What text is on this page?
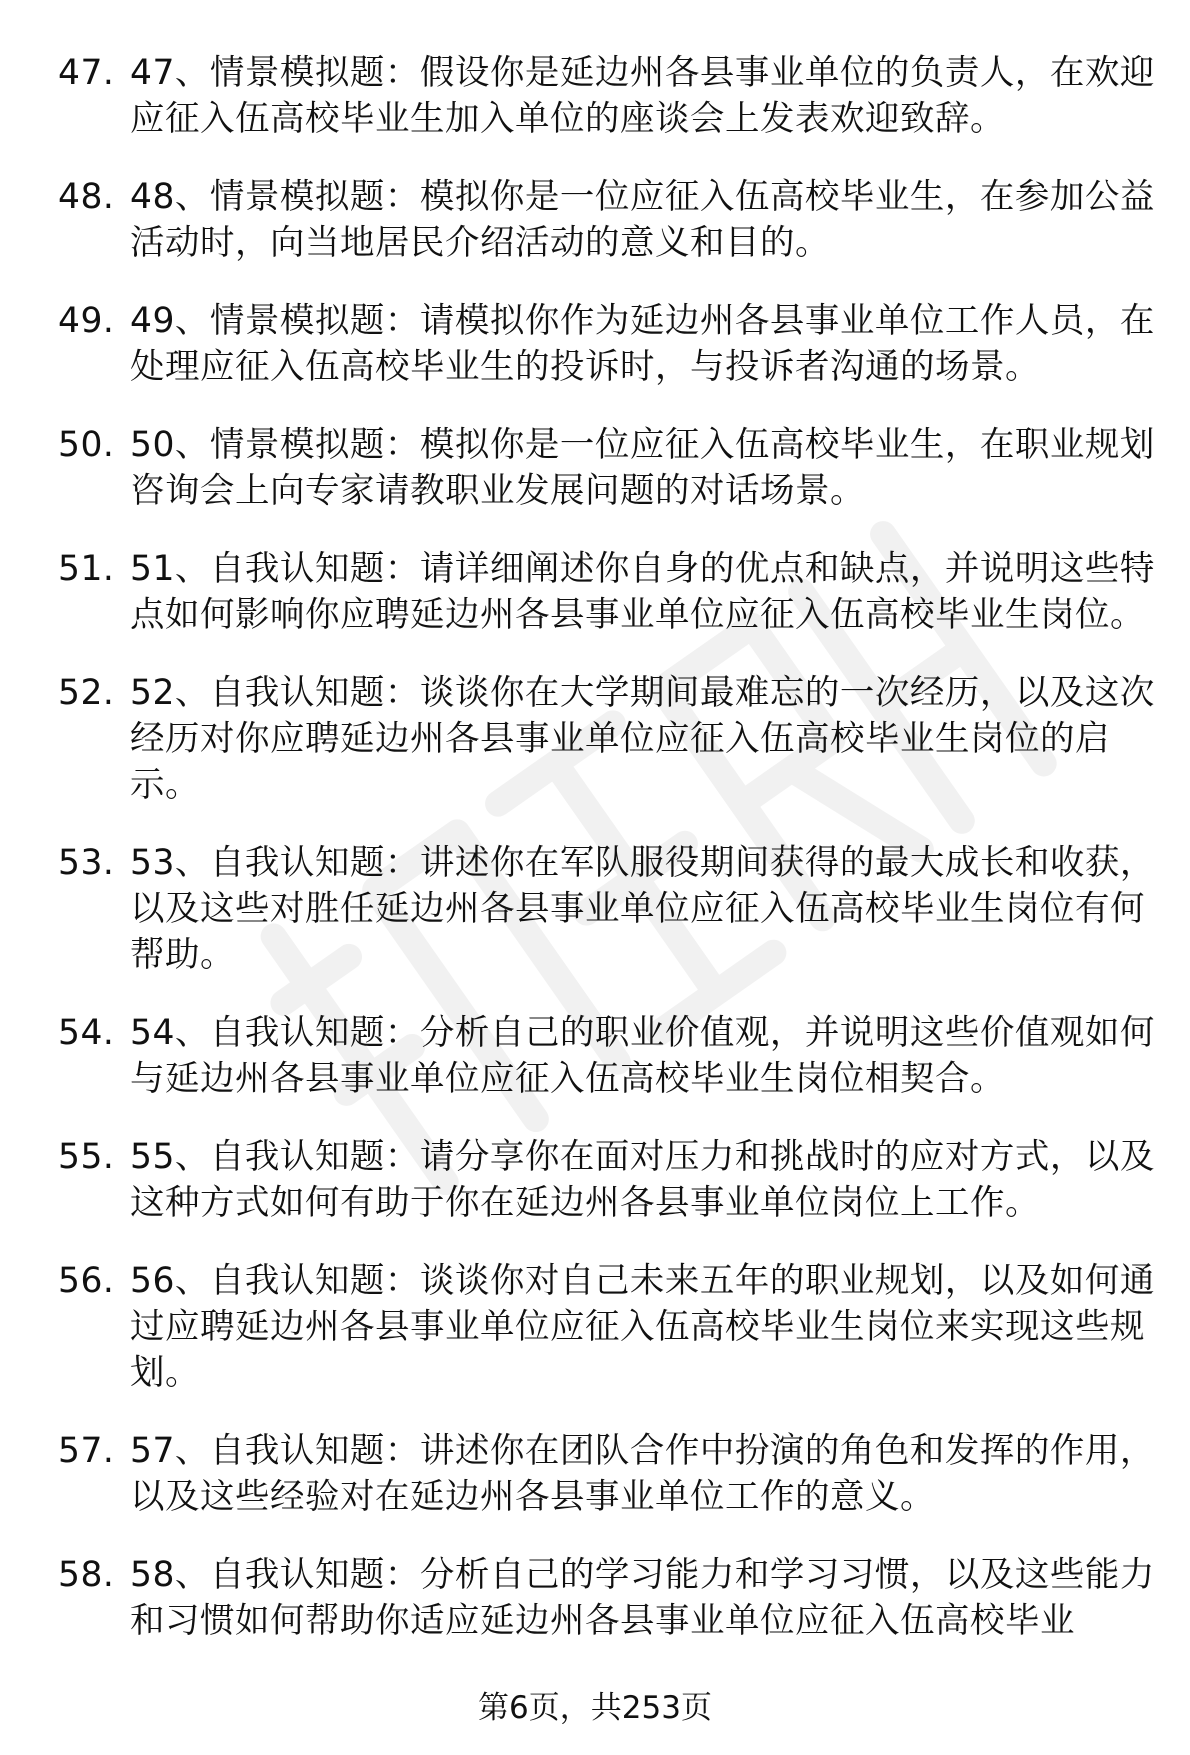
47. 47、情景模拟题：假设你是延边州各县事业单位的负责人，在欢迎应征入伍高校毕业生加入单位的座谈会上发表欢迎致辞。
48. 48、情景模拟题：模拟你是一位应征入伍高校毕业生，在参加公益活动时，向当地居民介绍活动的意义和目的。
49. 49、情景模拟题：请模拟你作为延边州各县事业单位工作人员，在处理应征入伍高校毕业生的投诉时，与投诉者沟通的场景。
50. 50、情景模拟题：模拟你是一位应征入伍高校毕业生，在职业规划咨询会上向专家请教职业发展问题的对话场景。
51. 51、自我认知题：请详细阐述你自身的优点和缺点，并说明这些特点如何影响你应聘延边州各县事业单位应征入伍高校毕业生岗位。
52. 52、自我认知题：谈谈你在大学期间最难忘的一次经历，以及这次经历对你应聘延边州各县事业单位应征入伍高校毕业生岗位的启示。
53. 53、自我认知题：讲述你在军队服役期间获得的最大成长和收获，以及这些对胜任延边州各县事业单位应征入伍高校毕业生岗位有何帮助。
54. 54、自我认知题：分析自己的职业价值观，并说明这些价值观如何与延边州各县事业单位应征入伍高校毕业生岗位相契合。
55. 55、自我认知题：请分享你在面对压力和挑战时的应对方式，以及这种方式如何有助于你在延边州各县事业单位岗位上工作。
56. 56、自我认知题：谈谈你对自己未来五年的职业规划，以及如何通过应聘延边州各县事业单位应征入伍高校毕业生岗位来实现这些规划。
57. 57、自我认知题：讲述你在团队合作中扮演的角色和发挥的作用，以及这些经验对在延边州各县事业单位工作的意义。
58. 58、自我认知题：分析自己的学习能力和学习习惯，以及这些能力和习惯如何帮助你适应延边州各县事业单位应征入伍高校毕业
第6页，共253页
